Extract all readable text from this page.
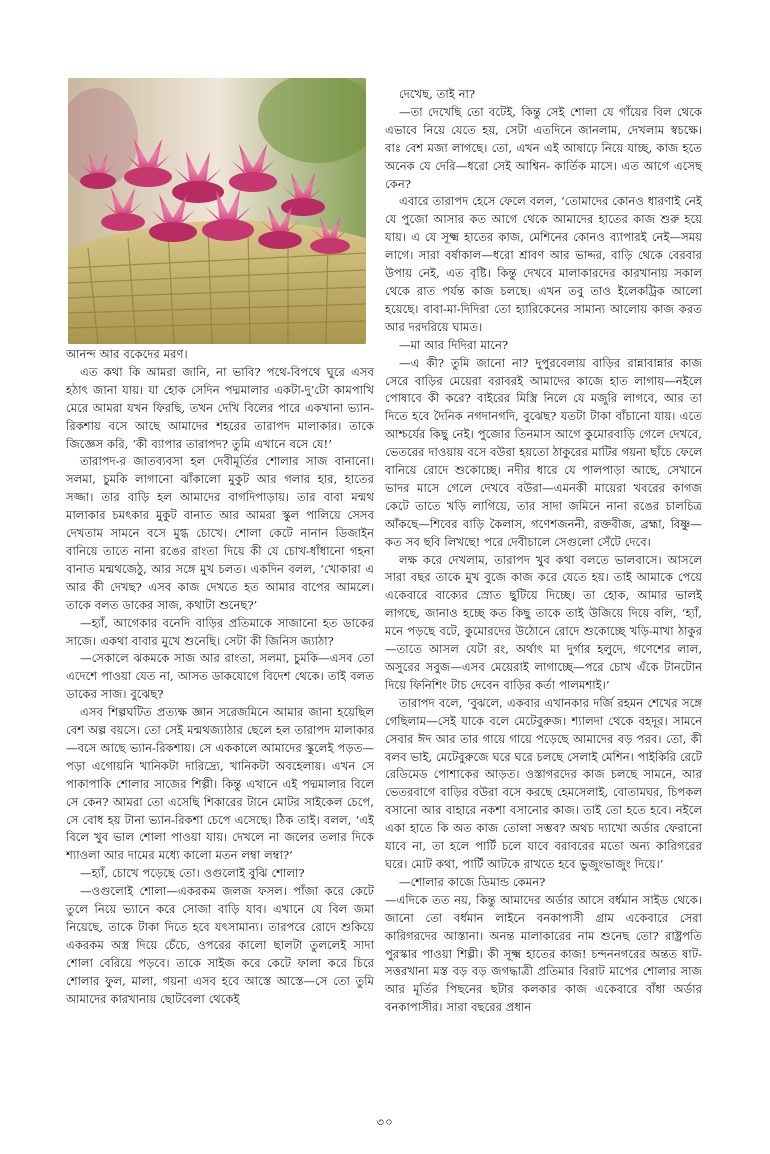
আনন্দ আর বকেদের মরণ।

এত কথা কি আমরা জানি, না ভাবি? পথে-বিপথে ঘুরে এসব হঠাৎ জানা যায়। যা হোক সেদিন পদ্মমালার একটা-দু’টো কামপাখি মেরে আমরা যখন ফিরছি, তখন দেখি বিলের পারে একখানা ভ্যান-রিকশায় বসে আছে আমাদের শহরের তারাপদ মালাকার। তাকে জিজ্ঞেস করি, ‘কী ব্যাপার তারাপদ? তুমি এখানে বসে যে!’

তারাপদ-র জাতব্যবসা হল দেবীমূর্তির শোলার সাজ বানানো। সলমা, চুমকি লাগানো ঝাঁকালো মুকুট আর গলার হার, হাতের সজ্জা। তার বাড়ি হল আমাদের বাগদিপাড়ায়। তার বাবা মন্মথ মালাকার চমৎকার মুকুট বানাত আর আমরা স্কুল পালিয়ে সেসব দেখতাম সামনে বসে মুগ্ধ চোখে। শোলা কেটে নানান ডিজাইন বানিয়ে তাতে নানা রঙের রাংতা দিয়ে কী যে চোখ-ধাঁধানো গহনা বানাত মন্মথজেঠু, আর সঙ্গে মুখ চলত। একদিন বলল, ‘খোকারা এ আর কী দেখছ? এসব কাজ দেখতে হত আমার বাপের আমলে। তাকে বলত ডাকের সাজ, কথাটা শুনেছ?’

—হ্যাঁ, আগেকার বনেদি বাড়ির প্রতিমাকে সাজানো হত ডাকের সাজে। একথা বাবার মুখে শুনেছি। সেটা কী জিনিস জ্যাঠা?

—সেকালে ঝকমকে সাজ আর রাংতা, সলমা, চুমকি—এসব তো এদেশে পাওয়া যেত না, আসত ডাকযোগে বিদেশ থেকে। তাই বলত ডাকের সাজ। বুঝেছ?

এসব শিল্পঘটিত প্রত্যক্ষ জ্ঞান সরেজমিনে আমার জানা হয়েছিল বেশ অল্প বয়সে। তো সেই মন্মথজ্যাঠার ছেলে হল তারাপদ মালাকার—বসে আছে ভ্যান-রিকশায়। সে এককালে আমাদের স্কুলেই পড়ত—পড়া এগোয়নি খানিকটা দারিদ্র্যে, খানিকটা অবহেলায়। এখন সে পাকাপাকি শোলার সাজের শিল্পী। কিন্তু এখানে এই পদ্মমালার বিলে সে কেন? আমরা তো এসেছি শিকারের টানে মোটর সাইকেল চেপে, সে বোধ হয় টানা ভ্যান-রিকশা চেপে এসেছে। ঠিক তাই। বলল, ‘এই বিলে খুব ভাল শোলা পাওয়া যায়। দেখলে না জলের তলার দিকে শ্যাওলা আর দামের মধ্যে কালো মতন লম্বা লম্বা?’

—হ্যাঁ, চোখে পড়েছে তো। ওগুলোই বুঝি শোলা?

—ওগুলোই শোলা—একরকম জলজ ফসল। পাঁজা করে কেটে তুলে নিয়ে ভ্যানে করে সোজা বাড়ি যাব। এখানে যে বিল জমা নিয়েছে, তাকে টাকা দিতে হবে যৎসামান্য। তারপরে রোদে শুকিয়ে একরকম অস্ত্র দিয়ে চেঁচে, ওপরের কালো ছালটা তুললেই সাদা শোলা বেরিয়ে পড়বে। তাকে সাইজ করে কেটে ফালা করে চিরে শোলার ফুল, মালা, গয়না এসব হবে আস্তে আস্তে—সে তো তুমি আমাদের কারখানায় ছোটবেলা থেকেই

দেখেছ, তাই না?

—তা দেখেছি তো বটেই, কিন্তু সেই শোলা যে গাঁয়ের বিল থেকে এভাবে নিয়ে যেতে হয়, সেটা এতদিনে জানলাম, দেখলাম স্বচক্ষে। বাঃ বেশ মজা লাগছে। তো, এখন এই আষাঢ়ে নিয়ে যাচ্ছ, কাজ হতে অনেক যে দেরি—ধরো সেই আশ্বিন- কার্তিক মাসে। এত আগে এসেছ কেন?

এবারে তারাপদ হেসে ফেলে বলল, ‘তোমাদের কোনও ধারণাই নেই যে পুজো আসার কত আগে থেকে আমাদের হাতের কাজ শুরু হয়ে যায়। এ যে সূক্ষ্ম হাতের কাজ, মেশিনের কোনও ব্যাপারই নেই—সময় লাগে। সারা বর্ষাকাল—ধরো শ্রাবণ আর ভাদ্দর, বাড়ি থেকে বেরবার উপায় নেই, এত বৃষ্টি। কিন্তু দেখবে মালাকারদের কারখানায় সকাল থেকে রাত পর্যন্ত কাজ চলছে। এখন তবু তাও ইলেকট্রিক আলো হয়েছে। বাবা-মা-দিদিরা তো হ্যারিকেনের সামান্য আলোয় কাজ করত আর দরদরিয়ে ঘামত।

—মা আর দিদিরা মানে?

—এ কী? তুমি জানো না? দুপুরবেলায় বাড়ির রান্নাবান্নার কাজ সেরে বাড়ির মেয়েরা বরাবরই আমাদের কাজে হাত লাগায়—নইলে পোষাবে কী করে? বাইরের মিস্ত্রি নিলে যে মজুরি লাগবে, আর তা দিতে হবে দৈনিক নগদানগদি, বুঝেছ? যতটা টাকা বাঁচানো যায়। এতে আশ্চর্যের কিছু নেই। পুজোর তিনমাস আগে কুমোরবাড়ি গেলে দেখবে, ভেতরের দাওয়ায় বসে বউরা হয়তো ঠাকুরের মাটির গয়না ছাঁচে ফেলে বানিয়ে রোদে শুকোচ্ছে। নদীর ধারে যে পালপাড়া আছে, সেখানে ভাদর মাসে গেলে দেখবে বউরা—এমনকী মায়েরা খবরের কাগজ কেটে তাতে খড়ি লাগিয়ে, তার সাদা জমিনে নানা রঙের চালচিত্র আঁকছে—শিবের বাড়ি কৈলাস, গণেশজননী, রক্তবীজ, ব্রহ্মা, বিষ্ণু— কত সব ছবি লিখছে! পরে দেবীচালে সেগুলো সেঁটে দেবে।

লক্ষ করে দেখলাম, তারাপদ খুব কথা বলতে ভালবাসে। আসলে সারা বছর তাকে মুখ বুজে কাজ করে যেতে হয়। তাই আমাকে পেয়ে একেবারে বাক্যের স্রোত ছুটিয়ে দিচ্ছে। তা হোক, আমার ভালই লাগছে, জানাও হচ্ছে কত কিছু তাকে তাই উজিয়ে দিয়ে বলি, ‘হ্যাঁ, মনে পড়ছে বটে, কুমোরদের উঠোনে রোদে শুকোচ্ছে খড়ি-মাখা ঠাকুর—তাতে আসল যেটা রং, অর্থাৎ মা দুর্গার হলুদে, গণেশের লাল, অসুরের সবুজ—এসব মেয়েরাই লাগাচ্ছে—পরে চোখ এঁকে টানটোন দিয়ে ফিনিশিং টাচ দেবেন বাড়ির কর্তা পালমশাই।’

তারাপদ বলে, ‘বুঝলে, একবার এখানকার দর্জি রহমন শেখের সঙ্গে গেছিলাম—সেই যাকে বলে মেটেবুরুজ। শ্যালদা থেকে বহদূর। সামনে সেবার ঈদ আর তার গায়ে গায়ে পড়েছে আমাদের বড় পরব। তো, কী বলব ভাই, মেটেবুরুজে ঘরে ঘরে চলছে সেলাই মেশিন। পাইকিরি রেটে রেডিমেড পোশাকের আড়ত। ওস্তাগরদের কাজ চলছে সামনে, আর ভেতরবাগে বাড়ির বউরা বসে করছে হেমসেলাই, বোতামঘর, চিপকল বসানো আর বাহারে নকশা বসানোর কাজ। তাই তো হতে হবে। নইলে একা হাতে কি অত কাজ তোলা সম্ভব? অথচ দ্যাখো অর্ডার ফেরানো যাবে না, তা হলে পার্টি চলে যাবে বরাবরের মতো অন্য কারিগরের ঘরে। মোট কথা, পার্টি আটকে রাখতে হবে ভুজুংভাজুং দিয়ে।’

—শোলার কাজে ডিমান্ড কেমন?

—এদিকে তত নয়, কিন্তু আমাদের অর্ডার আসে বর্ধমান সাইড থেকে। জানো তো বর্ধমান লাইনে বনকাপাসী গ্রাম একেবারে সেরা কারিগরদের আস্তানা। অনন্ত মালাকারের নাম শুনেছ তো? রাষ্ট্রপতি পুরস্কার পাওয়া শিল্পী। কী সূক্ষ্ম হাতের কাজ! চন্দননগরের অন্তত ষাট-সত্তরখানা মস্ত বড় বড় জগদ্ধাত্রী প্রতিমার বিরাট মাপের শোলার সাজ আর মূর্তির পিছনের ছটার কলকার কাজ একেবারে বাঁধা অর্ডার বনকাপাসীর। সারা বছরের প্রধান

৩০
